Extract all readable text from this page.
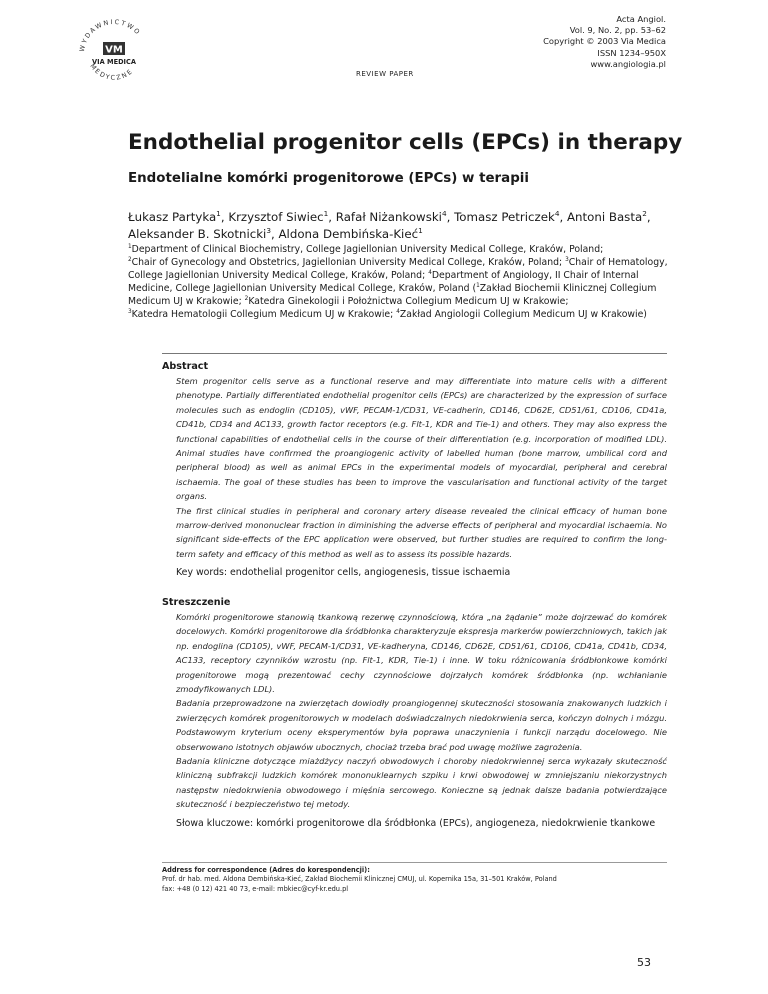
WYDAWNICTWO
MEDYCZNE
VM
VIA MEDICA
REVIEW PAPER
Acta Angiol.
Vol. 9, No. 2, pp. 53–62
Copyright © 2003 Via Medica
ISSN 1234–950X
www.angiologia.pl
Endothelial progenitor cells (EPCs) in therapy
Endotelialne komórki progenitorowe (EPCs) w terapii

Łukasz Partyka$^1$, Krzysztof Siwiec$^1$, Rafał Niżankowski$^4$, Tomasz Petriczek$^4$, Antoni Basta$^2$,
Aleksander B. Skotnicki$^3$, Aldona Dembińska-Kieć$^1$

$^1$Department of Clinical Biochemistry, College Jagiellonian University Medical College, Kraków, Poland;
$^2$Chair of Gynecology and Obstetrics, Jagiellonian University Medical College, Kraków, Poland; $^3$Chair of Hematology, College Jagiellonian University Medical College, Kraków, Poland; $^4$Department of Angiology, II Chair of Internal Medicine, College Jagiellonian University Medical College, Kraków, Poland ($^1$Zakład Biochemii Klinicznej Collegium Medicum UJ w Krakowie; $^2$Katedra Ginekologii i Położnictwa Collegium Medicum UJ w Krakowie;
$^3$Katedra Hematologii Collegium Medicum UJ w Krakowie; $^4$Zakład Angiologii Collegium Medicum UJ w Krakowie)

Abstract

Stem progenitor cells serve as a functional reserve and may differentiate into mature cells with a different phenotype. Partially differentiated endothelial progenitor cells (EPCs) are characterized by the expression of surface molecules such as endoglin (CD105), vWF, PECAM-1/CD31, VE-cadherin, CD146, CD62E, CD51/61, CD106, CD41a, CD41b, CD34 and AC133, growth factor receptors (e.g. Flt-1, KDR and Tie-1) and others. They may also express the functional capabilities of endothelial cells in the course of their differentiation (e.g. incorporation of modified LDL). Animal studies have confirmed the proangiogenic activity of labelled human (bone marrow, umbilical cord and peripheral blood) as well as animal EPCs in the experimental models of myocardial, peripheral and cerebral ischaemia. The goal of these studies has been to improve the vascularisation and functional activity of the target organs.

The first clinical studies in peripheral and coronary artery disease revealed the clinical efficacy of human bone marrow-derived mononuclear fraction in diminishing the adverse effects of peripheral and myocardial ischaemia. No significant side-effects of the EPC application were observed, but further studies are required to confirm the long-term safety and efficacy of this method as well as to assess its possible hazards.

Key words: endothelial progenitor cells, angiogenesis, tissue ischaemia
Streszczenie

Komórki progenitorowe stanowią tkankową rezerwę czynnościową, która „na żądanie” może dojrzewać do komórek docelowych. Komórki progenitorowe dla śródbłonka charakteryzuje ekspresja markerów powierzchniowych, takich jak np. endoglina (CD105), vWF, PECAM-1/CD31, VE-kadheryna, CD146, CD62E, CD51/61, CD106, CD41a, CD41b, CD34, AC133, receptory czynników wzrostu (np. Flt-1, KDR, Tie-1) i inne. W toku różnicowania śródbłonkowe komórki progenitorowe mogą prezentować cechy czynnościowe dojrzałych komórek śródbłonka (np. wchłanianie zmodyfikowanych LDL).

Badania przeprowadzone na zwierzętach dowiodły proangiogennej skuteczności stosowania znakowanych ludzkich i zwierzęcych komórek progenitorowych w modelach doświadczalnych niedokrwienia serca, kończyn dolnych i mózgu. Podstawowym kryterium oceny eksperymentów była poprawa unaczynienia i funkcji narządu docelowego. Nie obserwowano istotnych objawów ubocznych, chociaż trzeba brać pod uwagę możliwe zagrożenia.

Badania kliniczne dotyczące miażdżycy naczyń obwodowych i choroby niedokrwiennej serca wykazały skuteczność kliniczną subfrakcji ludzkich komórek mononuklearnych szpiku i krwi obwodowej w zmniejszaniu niekorzystnych następstw niedokrwienia obwodowego i mięśnia sercowego. Konieczne są jednak dalsze badania potwierdzające skuteczność i bezpieczeństwo tej metody.

Słowa kluczowe: komórki progenitorowe dla śródbłonka (EPCs), angiogeneza, niedokrwienie tkankowe
Address for correspondence (Adres do korespondencji):
Prof. dr hab. med. Aldona Dembińska-Kieć, Zakład Biochemii Klinicznej CMUJ, ul. Kopernika 15a, 31–501 Kraków, Poland
fax: +48 (0 12) 421 40 73, e-mail: mbkiec@cyf-kr.edu.pl
53
